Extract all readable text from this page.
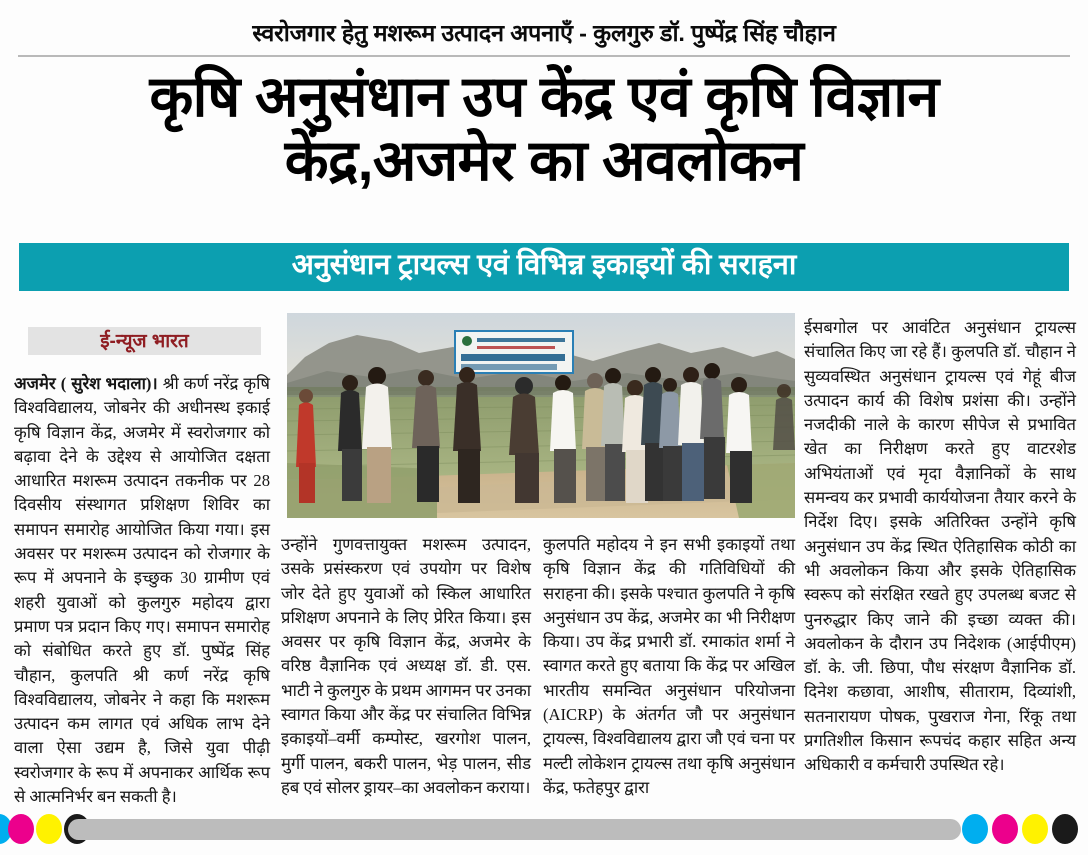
स्वरोजगार हेतु मशरूम उत्पादन अपनाएँ - कुलगुरु डॉ. पुष्पेंद्र सिंह चौहान
कृषि अनुसंधान उप केंद्र एवं कृषि विज्ञान
केंद्र,अजमेर का अवलोकन
अनुसंधान ट्रायल्स एवं विभिन्न इकाइयों की सराहना
ई-न्यूज भारत

अजमेर ( सुरेश भदाला)। श्री कर्ण नरेंद्र कृषि विश्वविद्यालय, जोबनेर की अधीनस्थ इकाई कृषि विज्ञान केंद्र, अजमेर में स्वरोजगार को बढ़ावा देने के उद्देश्य से आयोजित दक्षता आधारित मशरूम उत्पादन तकनीक पर 28 दिवसीय संस्थागत प्रशिक्षण शिविर का समापन समारोह आयोजित किया गया। इस अवसर पर मशरूम उत्पादन को रोजगार के रूप में अपनाने के इच्छुक 30 ग्रामीण एवं शहरी युवाओं को कुलगुरु महोदय द्वारा प्रमाण पत्र प्रदान किए गए। समापन समारोह को संबोधित करते हुए डॉ. पुष्पेंद्र सिंह चौहान, कुलपति श्री कर्ण नरेंद्र कृषि विश्वविद्यालय, जोबनेर ने कहा कि मशरूम उत्पादन कम लागत एवं अधिक लाभ देने वाला ऐसा उद्यम है, जिसे युवा पीढ़ी स्वरोजगार के रूप में अपनाकर आर्थिक रूप से आत्मनिर्भर बन सकती है।

उन्होंने गुणवत्तायुक्त मशरूम उत्पादन, उसके प्रसंस्करण एवं उपयोग पर विशेष जोर देते हुए युवाओं को स्किल आधारित प्रशिक्षण अपनाने के लिए प्रेरित किया। इस अवसर पर कृषि विज्ञान केंद्र, अजमेर के वरिष्ठ वैज्ञानिक एवं अध्यक्ष डॉ. डी. एस. भाटी ने कुलगुरु के प्रथम आगमन पर उनका स्वागत किया और केंद्र पर संचालित विभिन्न इकाइयों–वर्मी कम्पोस्ट, खरगोश पालन, मुर्गी पालन, बकरी पालन, भेड़ पालन, सीड हब एवं सोलर ड्रायर–का अवलोकन कराया।

कुलपति महोदय ने इन सभी इकाइयों तथा कृषि विज्ञान केंद्र की गतिविधियों की सराहना की। इसके पश्चात कुलपति ने कृषि अनुसंधान उप केंद्र, अजमेर का भी निरीक्षण किया। उप केंद्र प्रभारी डॉ. रमाकांत शर्मा ने स्वागत करते हुए बताया कि केंद्र पर अखिल भारतीय समन्वित अनुसंधान परियोजना (AICRP) के अंतर्गत जौ पर अनुसंधान ट्रायल्स, विश्वविद्यालय द्वारा जौ एवं चना पर मल्टी लोकेशन ट्रायल्स तथा कृषि अनुसंधान केंद्र, फतेहपुर द्वारा

ईसबगोल पर आवंटित अनुसंधान ट्रायल्स संचालित किए जा रहे हैं। कुलपति डॉ. चौहान ने सुव्यवस्थित अनुसंधान ट्रायल्स एवं गेहूं बीज उत्पादन कार्य की विशेष प्रशंसा की। उन्होंने नजदीकी नाले के कारण सीपेज से प्रभावित खेत का निरीक्षण करते हुए वाटरशेड अभियंताओं एवं मृदा वैज्ञानिकों के साथ समन्वय कर प्रभावी कार्ययोजना तैयार करने के निर्देश दिए। इसके अतिरिक्त उन्होंने कृषि अनुसंधान उप केंद्र स्थित ऐतिहासिक कोठी का भी अवलोकन किया और इसके ऐतिहासिक स्वरूप को संरक्षित रखते हुए उपलब्ध बजट से पुनरुद्धार किए जाने की इच्छा व्यक्त की। अवलोकन के दौरान उप निदेशक (आईपीएम) डॉ. के. जी. छिपा, पौध संरक्षण वैज्ञानिक डॉ. दिनेश कछावा, आशीष, सीताराम, दिव्यांशी, सतनारायण पोषक, पुखराज गेना, रिंकू तथा प्रगतिशील किसान रूपचंद कहार सहित अन्य अधिकारी व कर्मचारी उपस्थित रहे।
